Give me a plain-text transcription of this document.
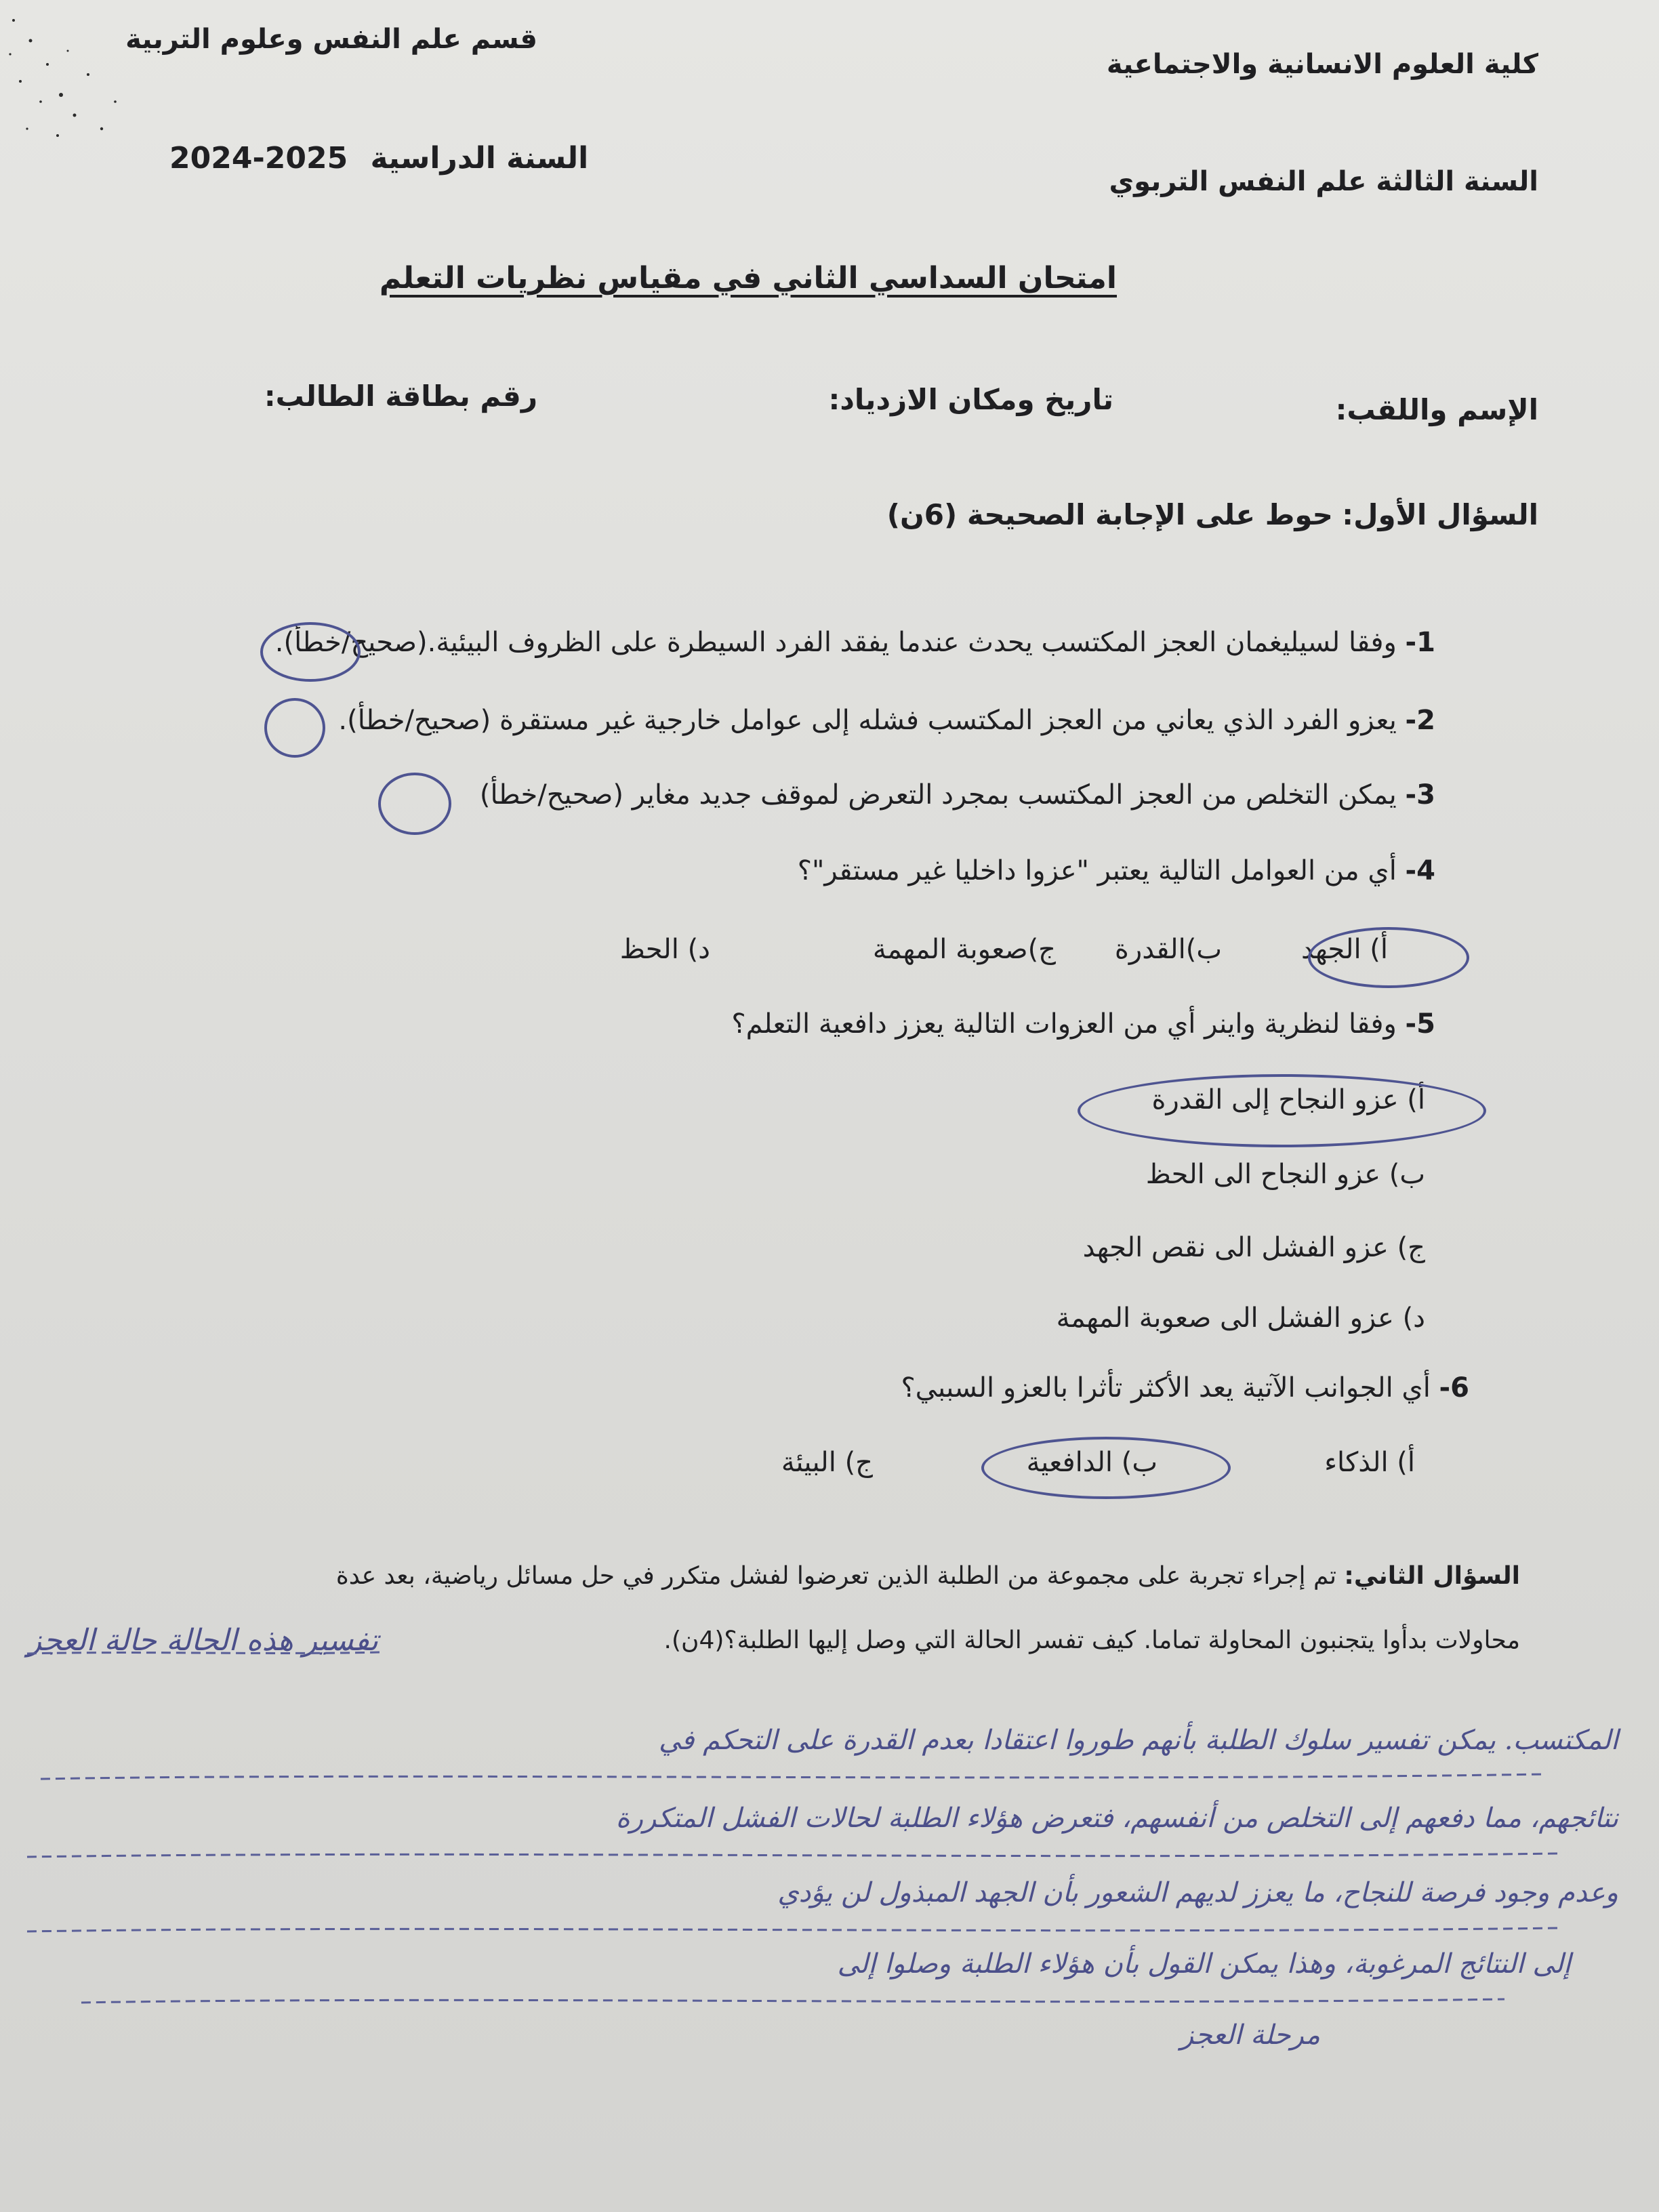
قسم علم النفس وعلوم التربية
كلية العلوم الانسانية والاجتماعية
2024-2025 السنة الدراسية
السنة الثالثة علم النفس التربوي
امتحان السداسي الثاني في مقياس نظريات التعلم
الإسم واللقب:
تاريخ ومكان الازدياد:
رقم بطاقة الطالب:
السؤال الأول: حوط على الإجابة الصحيحة (6ن)
1- وفقا لسيليغمان العجز المكتسب يحدث عندما يفقد الفرد السيطرة على الظروف البيئية.(صحيح/خطأ).
2- يعزو الفرد الذي يعاني من العجز المكتسب فشله إلى عوامل خارجية غير مستقرة (صحيح/خطأ).
3- يمكن التخلص من العجز المكتسب بمجرد التعرض لموقف جديد مغاير (صحيح/خطأ)
4- أي من العوامل التالية يعتبر "عزوا داخليا غير مستقر"؟
أ) الجهد
ب)القدرة
ج)صعوبة المهمة
د) الحظ
5- وفقا لنظرية واينر أي من العزوات التالية يعزز دافعية التعلم؟
أ) عزو النجاح إلى القدرة
ب) عزو النجاح الى الحظ
ج) عزو الفشل الى نقص الجهد
د) عزو الفشل الى صعوبة المهمة
6- أي الجوانب الآتية يعد الأكثر تأثرا بالعزو السببي؟
أ) الذكاء
ب) الدافعية
ج) البيئة
السؤال الثاني: تم إجراء تجربة على مجموعة من الطلبة الذين تعرضوا لفشل متكرر في حل مسائل رياضية، بعد عدة
محاولات بدأوا يتجنبون المحاولة تماما. كيف تفسر الحالة التي وصل إليها الطلبة؟(4ن).
تفسير هذه الحالة حالة العجز
المكتسب. يمكن تفسير سلوك الطلبة بأنهم طوروا اعتقادا بعدم القدرة على التحكم في
نتائجهم، مما دفعهم إلى التخلص من أنفسهم، فتعرض هؤلاء الطلبة لحالات الفشل المتكررة
وعدم وجود فرصة للنجاح، ما يعزز لديهم الشعور بأن الجهد المبذول لن يؤدي
إلى النتائج المرغوبة، وهذا يمكن القول بأن هؤلاء الطلبة وصلوا إلى
مرحلة العجز
